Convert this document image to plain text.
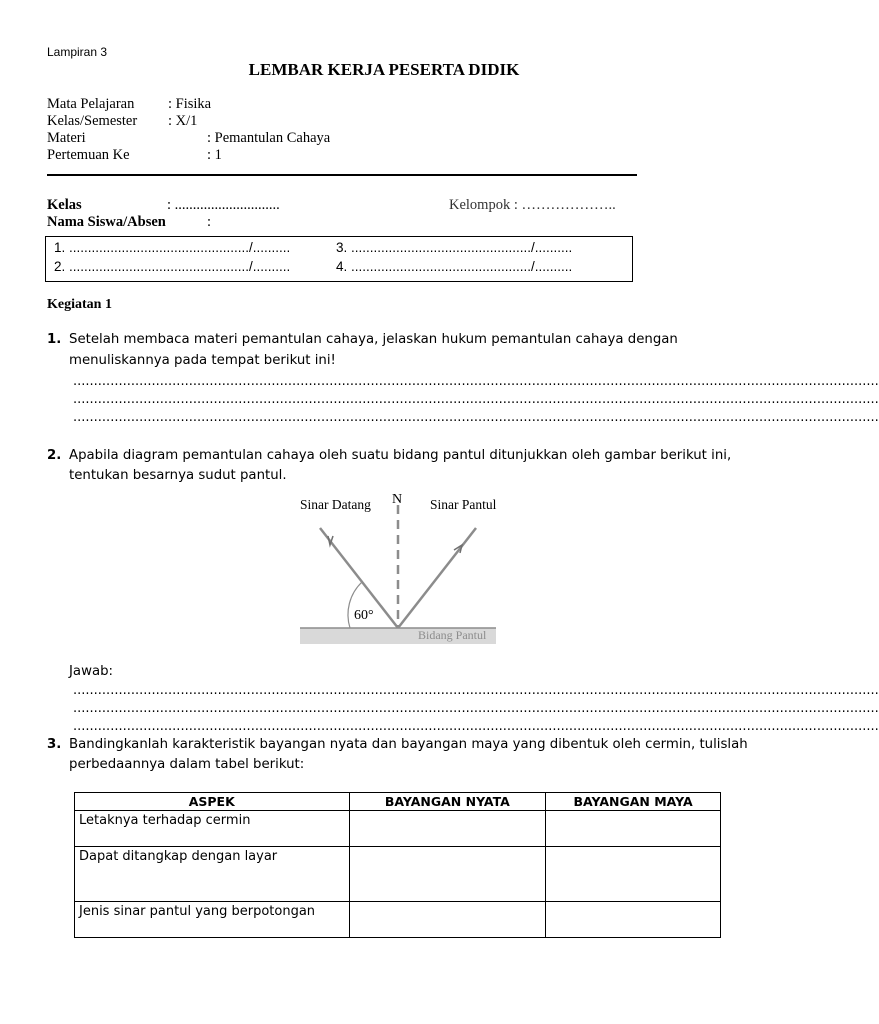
Lampiran 3
LEMBAR KERJA PESERTA DIDIK
Mata Pelajaran : Fisika
Kelas/Semester : X/1
Materi	: Pemantulan Cahaya
Pertemuan Ke	: 1
Kelas	: .............................	Kelompok : ………………..
Nama Siswa/Absen	:
1. ................................................/..........	3. ................................................/..........
2. ................................................/..........	4. ................................................/..........
Kegiatan 1
1. Setelah membaca materi pemantulan cahaya, jelaskan hukum pemantulan cahaya dengan
menuliskannya pada tempat berikut ini!
...................................................................................................................................................................................................
...................................................................................................................................................................................................
...................................................................................................................................................................................................
2. Apabila diagram pemantulan cahaya oleh suatu bidang pantul ditunjukkan oleh gambar berikut ini,
tentukan besarnya sudut pantul.
Sinar Datang N Sinar Pantul
60°
Bidang Pantul
Jawab:
...................................................................................................................................................................................................
...................................................................................................................................................................................................
...................................................................................................................................................................................................
3. Bandingkanlah karakteristik bayangan nyata dan bayangan maya yang dibentuk oleh cermin, tulislah
perbedaannya dalam tabel berikut:
ASPEK	BAYANGAN NYATA	BAYANGAN MAYA
Letaknya terhadap cermin		
Dapat ditangkap dengan layar		
Jenis sinar pantul yang berpotongan		
